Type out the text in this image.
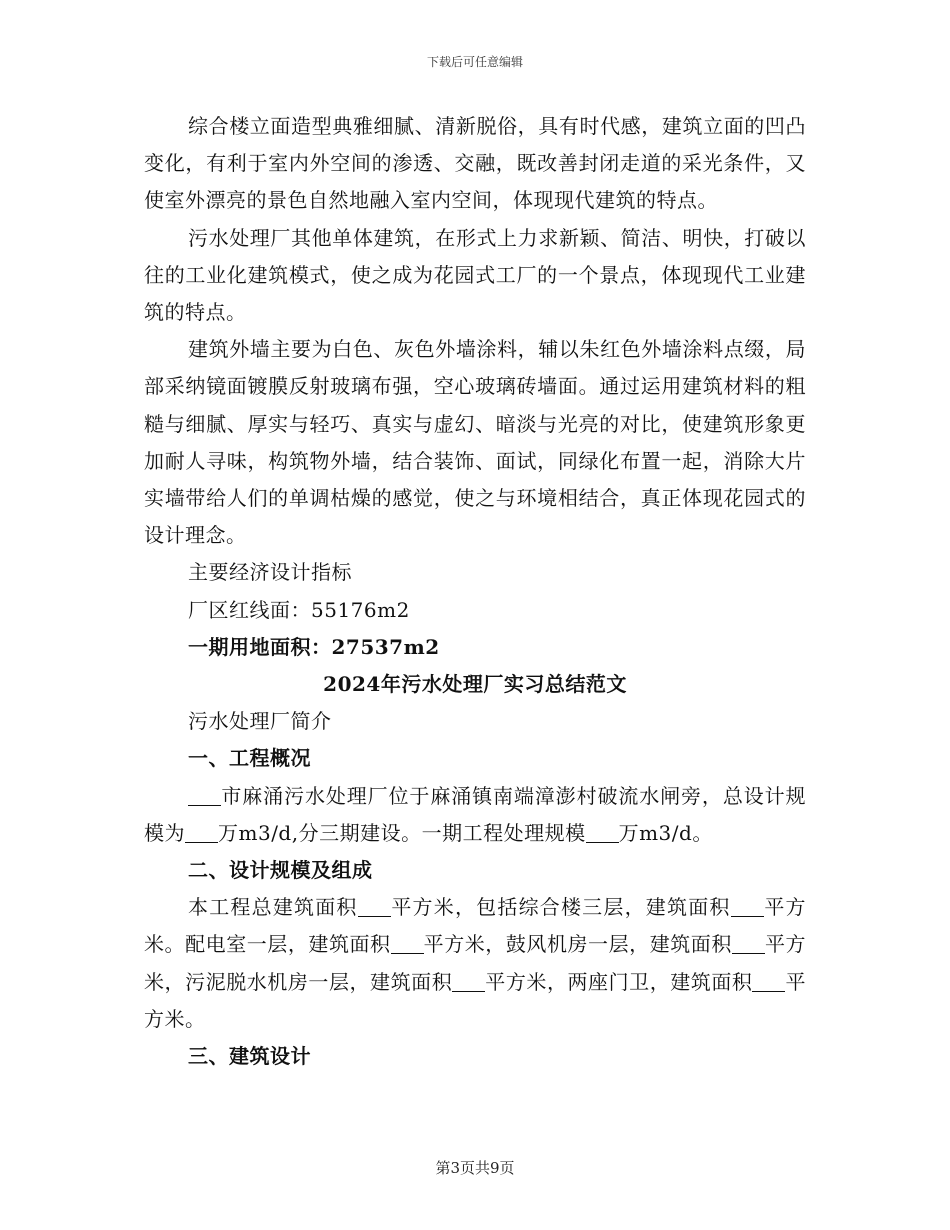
下载后可任意编辑

综合楼立面造型典雅细腻、清新脱俗，具有时代感，建筑立面的凹凸变化，有利于室内外空间的渗透、交融，既改善封闭走道的采光条件，又使室外漂亮的景色自然地融入室内空间，体现现代建筑的特点。

污水处理厂其他单体建筑，在形式上力求新颖、简洁、明快，打破以往的工业化建筑模式，使之成为花园式工厂的一个景点，体现现代工业建筑的特点。

建筑外墙主要为白色、灰色外墙涂料，辅以朱红色外墙涂料点缀，局部采纳镜面镀膜反射玻璃布强，空心玻璃砖墙面。通过运用建筑材料的粗糙与细腻、厚实与轻巧、真实与虚幻、暗淡与光亮的对比，使建筑形象更加耐人寻味，构筑物外墙，结合装饰、面试，同绿化布置一起，消除大片实墙带给人们的单调枯燥的感觉，使之与环境相结合，真正体现花园式的设计理念。

主要经济设计指标

厂区红线面：55176m2

一期用地面积：27537m2

2024年污水处理厂实习总结范文

污水处理厂简介

一、工程概况

市麻涌污水处理厂位于麻涌镇南端漳澎村破流水闸旁，总设计规模为 万m3/d,分三期建设。一期工程处理规模 万m3/d。

二、设计规模及组成

本工程总建筑面积 平方米，包括综合楼三层，建筑面积 平方米。配电室一层，建筑面积 平方米，鼓风机房一层，建筑面积 平方米，污泥脱水机房一层，建筑面积 平方米，两座门卫，建筑面积 平方米。

三、建筑设计

第3页共9页
